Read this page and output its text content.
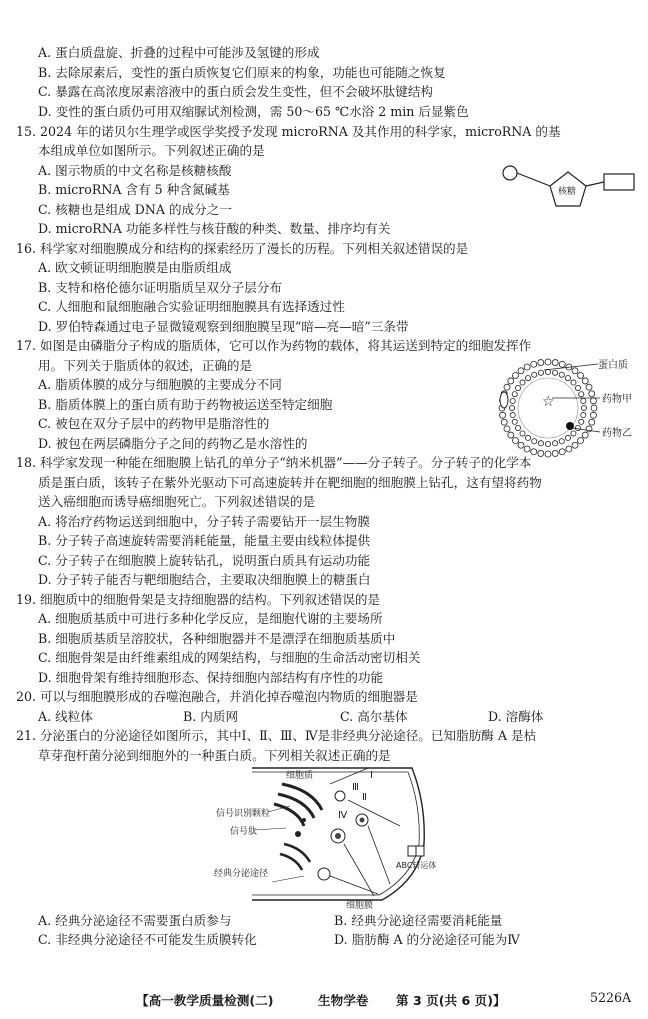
A. 蛋白质盘旋、折叠的过程中可能涉及氢键的形成
B. 去除尿素后，变性的蛋白质恢复它们原来的构象，功能也可能随之恢复
C. 暴露在高浓度尿素溶液中的蛋白质会发生变性，但不会破坏肽键结构
D. 变性的蛋白质仍可用双缩脲试剂检测，需 50～65 ℃水浴 2 min 后显紫色
15. 2024 年的诺贝尔生理学或医学奖授予发现 microRNA 及其作用的科学家，microRNA 的基
本组成单位如图所示。下列叙述正确的是
A. 图示物质的中文名称是核糖核酸
B. microRNA 含有 5 种含氮碱基
C. 核糖也是组成 DNA 的成分之一
D. microRNA 功能多样性与核苷酸的种类、数量、排序均有关
核糖
16. 科学家对细胞膜成分和结构的探索经历了漫长的历程。下列相关叙述错误的是
A. 欧文顿证明细胞膜是由脂质组成
B. 支特和格伦德尔证明脂质呈双分子层分布
C. 人细胞和鼠细胞融合实验证明细胞膜具有选择透过性
D. 罗伯特森通过电子显微镜观察到细胞膜呈现“暗—亮—暗”三条带
17. 如图是由磷脂分子构成的脂质体，它可以作为药物的载体，将其运送到特定的细胞发挥作
用。下列关于脂质体的叙述，正确的是
A. 脂质体膜的成分与细胞膜的主要成分不同
B. 脂质体膜上的蛋白质有助于药物被运送至特定细胞
C. 被包在双分子层中的药物甲是脂溶性的
D. 被包在两层磷脂分子之间的药物乙是水溶性的
☆
蛋白质
药物甲
药物乙
18. 科学家发现一种能在细胞膜上钻孔的单分子“纳米机器”——分子转子。分子转子的化学本
质是蛋白质，该转子在紫外光驱动下可高速旋转并在靶细胞的细胞膜上钻孔，这有望将药物
送入癌细胞而诱导癌细胞死亡。下列叙述错误的是
A. 将治疗药物运送到细胞中，分子转子需要钻开一层生物膜
B. 分子转子高速旋转需要消耗能量，能量主要由线粒体提供
C. 分子转子在细胞膜上旋转钻孔，说明蛋白质具有运动功能
D. 分子转子能否与靶细胞结合，主要取决细胞膜上的糖蛋白
19. 细胞质中的细胞骨架是支持细胞器的结构。下列叙述错误的是
A. 细胞质基质中可进行多种化学反应，是细胞代谢的主要场所
B. 细胞质基质呈溶胶状，各种细胞器并不是漂浮在细胞质基质中
C. 细胞骨架是由纤维素组成的网架结构，与细胞的生命活动密切相关
D. 细胞骨架有维持细胞形态、保持细胞内部结构有序性的功能
20. 可以与细胞膜形成的吞噬泡融合，并消化掉吞噬泡内物质的细胞器是
A. 线粒体	B. 内质网	C. 高尔基体	D. 溶酶体
21. 分泌蛋白的分泌途径如图所示，其中Ⅰ、Ⅱ、Ⅲ、Ⅳ是非经典分泌途径。已知脂肪酶 A 是枯
草芽孢杆菌分泌到细胞外的一种蛋白质。下列相关叙述正确的是
细胞质
信号识别颗粒
信号肽
经典分泌途径
细胞膜
ABC转运体
Ⅰ
Ⅱ
Ⅲ
Ⅳ
A. 经典分泌途径不需要蛋白质参与	B. 经典分泌途径需要消耗能量
C. 非经典分泌途径不可能发生质膜转化	D. 脂肪酶 A 的分泌途径可能为Ⅳ
【高一教学质量检测(二)	生物学卷 第 3 页(共 6 页)】	5226A
